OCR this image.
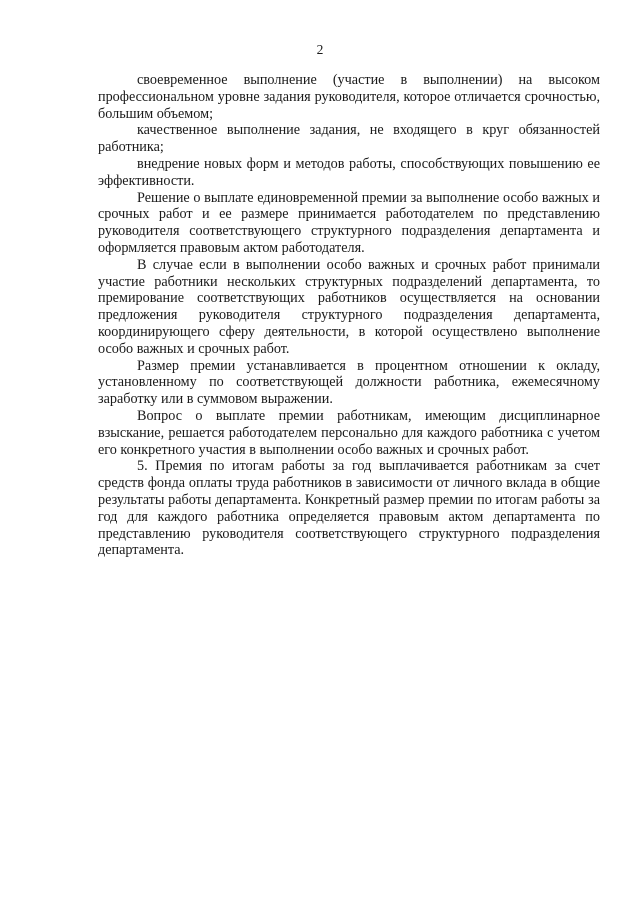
2

своевременное выполнение (участие в выполнении) на высоком профессиональном уровне задания руководителя, которое отличается срочностью, большим объемом;

качественное выполнение задания, не входящего в круг обязанностей работника;

внедрение новых форм и методов работы, способствующих повышению ее эффективности.

Решение о выплате единовременной премии за выполнение особо важных и срочных работ и ее размере принимается работодателем по представлению руководителя соответствующего структурного подразделения департамента и оформляется правовым актом работодателя.

В случае если в выполнении особо важных и срочных работ принимали участие работники нескольких структурных подразделений департамента, то премирование соответствующих работников осуществляется на основании предложения руководителя структурного подразделения департамента, координирующего сферу деятельности, в которой осуществлено выполнение особо важных и срочных работ.

Размер премии устанавливается в процентном отношении к окладу, установленному по соответствующей должности работника, ежемесячному заработку или в суммовом выражении.

Вопрос о выплате премии работникам, имеющим дисциплинарное взыскание, решается работодателем персонально для каждого работника с учетом его конкретного участия в выполнении особо важных и срочных работ.

5. Премия по итогам работы за год выплачивается работникам за счет средств фонда оплаты труда работников в зависимости от личного вклада в общие результаты работы департамента. Конкретный размер премии по итогам работы за год для каждого работника определяется правовым актом департамента по представлению руководителя соответствующего структурного подразделения департамента.
